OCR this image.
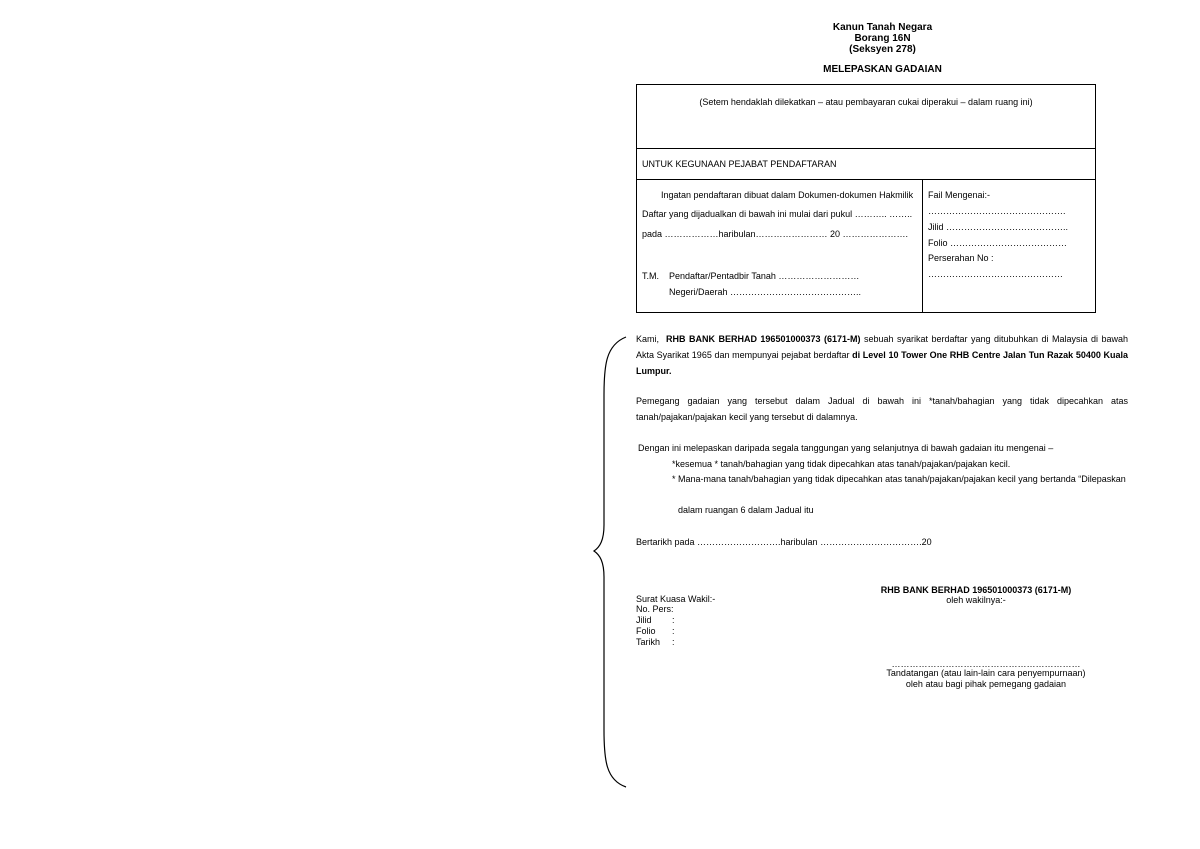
Kanun Tanah Negara
Borang 16N
(Seksyen 278)
MELEPASKAN GADAIAN
(Setem hendaklah dilekatkan – atau pembayaran cukai diperakui – dalam ruang ini)
UNTUK KEGUNAAN PEJABAT PENDAFTARAN
Ingatan pendaftaran dibuat dalam Dokumen-dokumen Hakmilik
Daftar yang dijadualkan di bawah ini mulai dari pukul ……….. ……..
pada ………………haribulan…………………… 20 ………………….
T.M. Pendaftar/Pentadbir Tanah ………………………
Negeri/Daerah ……………………………………..
Fail Mengenai:-
……………………………………….
Jilid …………………………………..
Folio …………………………………
Perserahan No :
………………………………………
Kami, RHB BANK BERHAD 196501000373 (6171-M) sebuah syarikat berdaftar yang ditubuhkan di Malaysia di bawah Akta Syarikat 1965 dan mempunyai pejabat berdaftar di Level 10 Tower One RHB Centre Jalan Tun Razak 50400 Kuala Lumpur.
Pemegang gadaian yang tersebut dalam Jadual di bawah ini *tanah/bahagian yang tidak dipecahkan atas tanah/pajakan/pajakan kecil yang tersebut di dalamnya.
Dengan ini melepaskan daripada segala tanggungan yang selanjutnya di bawah gadaian itu mengenai –
*kesemua * tanah/bahagian yang tidak dipecahkan atas tanah/pajakan/pajakan kecil.
* Mana-mana tanah/bahagian yang tidak dipecahkan atas tanah/pajakan/pajakan kecil yang bertanda “Dilepaskan
dalam ruangan 6 dalam Jadual itu
Bertarikh pada ……………………….haribulan …………………………….20
RHB BANK BERHAD 196501000373 (6171-M)
oleh wakilnya:-
Surat Kuasa Wakil:-
No. Pers:
Jilid :
Folio :
Tarikh :
………………………………………………………
Tandatangan (atau lain-lain cara penyempurnaan)
oleh atau bagi pihak pemegang gadaian
